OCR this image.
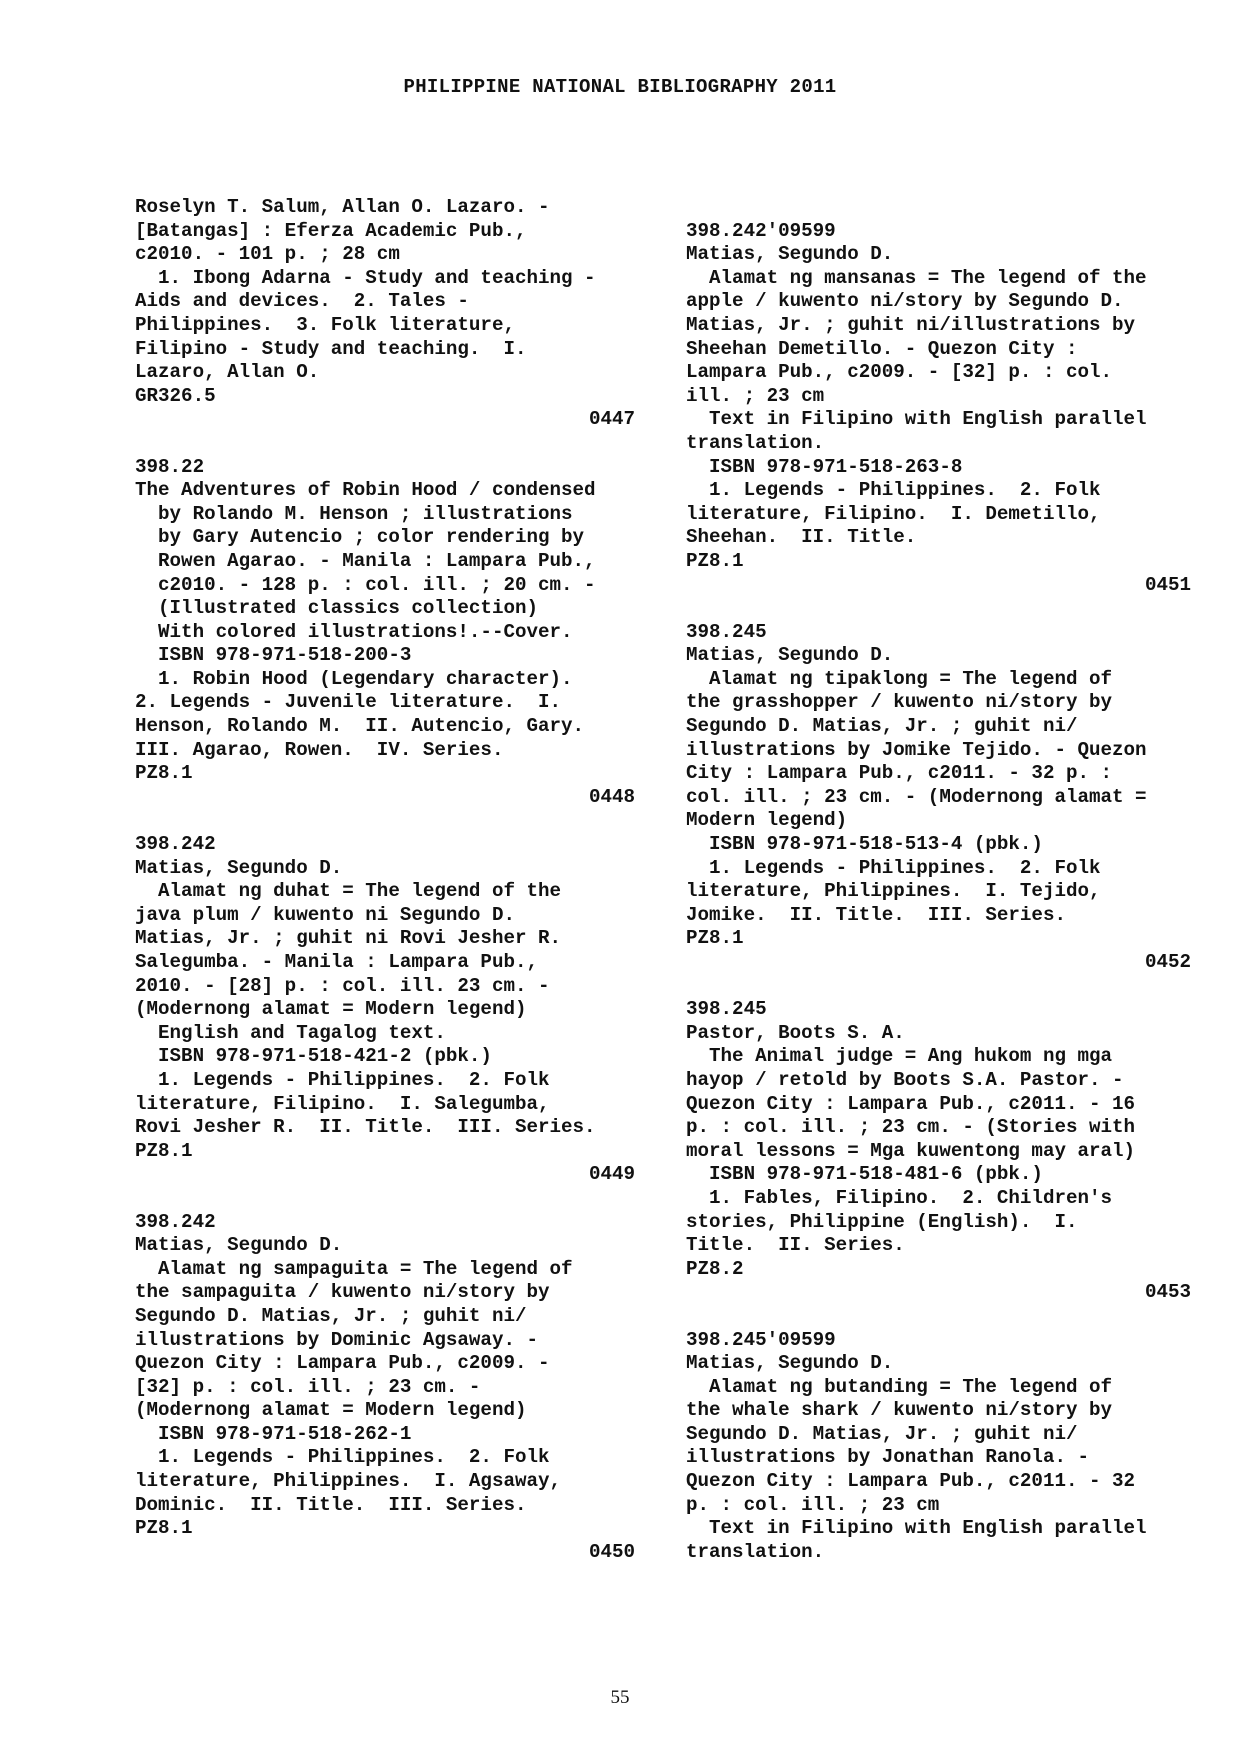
PHILIPPINE NATIONAL BIBLIOGRAPHY 2011
Roselyn T. Salum, Allan O. Lazaro. -
[Batangas] : Eferza Academic Pub.,
c2010. - 101 p. ; 28 cm
1. Ibong Adarna - Study and teaching -
Aids and devices.  2. Tales -
Philippines.  3. Folk literature,
Filipino - Study and teaching.  I.
Lazaro, Allan O.
GR326.5
0447
398.22
The Adventures of Robin Hood / condensed
by Rolando M. Henson ; illustrations
by Gary Autencio ; color rendering by
Rowen Agarao. - Manila : Lampara Pub.,
c2010. - 128 p. : col. ill. ; 20 cm. -
(Illustrated classics collection)
With colored illustrations!.--Cover.
ISBN 978-971-518-200-3
1. Robin Hood (Legendary character).
2. Legends - Juvenile literature.  I.
Henson, Rolando M.  II. Autencio, Gary.
III. Agarao, Rowen.  IV. Series.
PZ8.1
0448
398.242
Matias, Segundo D.
Alamat ng duhat = The legend of the
java plum / kuwento ni Segundo D.
Matias, Jr. ; guhit ni Rovi Jesher R.
Salegumba. - Manila : Lampara Pub.,
2010. - [28] p. : col. ill. 23 cm. -
(Modernong alamat = Modern legend)
English and Tagalog text.
ISBN 978-971-518-421-2 (pbk.)
1. Legends - Philippines.  2. Folk
literature, Filipino.  I. Salegumba,
Rovi Jesher R.  II. Title.  III. Series.
PZ8.1
0449
398.242
Matias, Segundo D.
Alamat ng sampaguita = The legend of
the sampaguita / kuwento ni/story by
Segundo D. Matias, Jr. ; guhit ni/
illustrations by Dominic Agsaway. -
Quezon City : Lampara Pub., c2009. -
[32] p. : col. ill. ; 23 cm. -
(Modernong alamat = Modern legend)
ISBN 978-971-518-262-1
1. Legends - Philippines.  2. Folk
literature, Philippines.  I. Agsaway,
Dominic.  II. Title.  III. Series.
PZ8.1
0450
398.242'09599
Matias, Segundo D.
Alamat ng mansanas = The legend of the
apple / kuwento ni/story by Segundo D.
Matias, Jr. ; guhit ni/illustrations by
Sheehan Demetillo. - Quezon City :
Lampara Pub., c2009. - [32] p. : col.
ill. ; 23 cm
Text in Filipino with English parallel
translation.
ISBN 978-971-518-263-8
1. Legends - Philippines.  2. Folk
literature, Filipino.  I. Demetillo,
Sheehan.  II. Title.
PZ8.1
0451
398.245
Matias, Segundo D.
Alamat ng tipaklong = The legend of
the grasshopper / kuwento ni/story by
Segundo D. Matias, Jr. ; guhit ni/
illustrations by Jomike Tejido. - Quezon
City : Lampara Pub., c2011. - 32 p. :
col. ill. ; 23 cm. - (Modernong alamat =
Modern legend)
ISBN 978-971-518-513-4 (pbk.)
1. Legends - Philippines.  2. Folk
literature, Philippines.  I. Tejido,
Jomike.  II. Title.  III. Series.
PZ8.1
0452
398.245
Pastor, Boots S. A.
The Animal judge = Ang hukom ng mga
hayop / retold by Boots S.A. Pastor. -
Quezon City : Lampara Pub., c2011. - 16
p. : col. ill. ; 23 cm. - (Stories with
moral lessons = Mga kuwentong may aral)
ISBN 978-971-518-481-6 (pbk.)
1. Fables, Filipino.  2. Children's
stories, Philippine (English).  I.
Title.  II. Series.
PZ8.2
0453
398.245'09599
Matias, Segundo D.
Alamat ng butanding = The legend of
the whale shark / kuwento ni/story by
Segundo D. Matias, Jr. ; guhit ni/
illustrations by Jonathan Ranola. -
Quezon City : Lampara Pub., c2011. - 32
p. : col. ill. ; 23 cm
Text in Filipino with English parallel
translation.
55
